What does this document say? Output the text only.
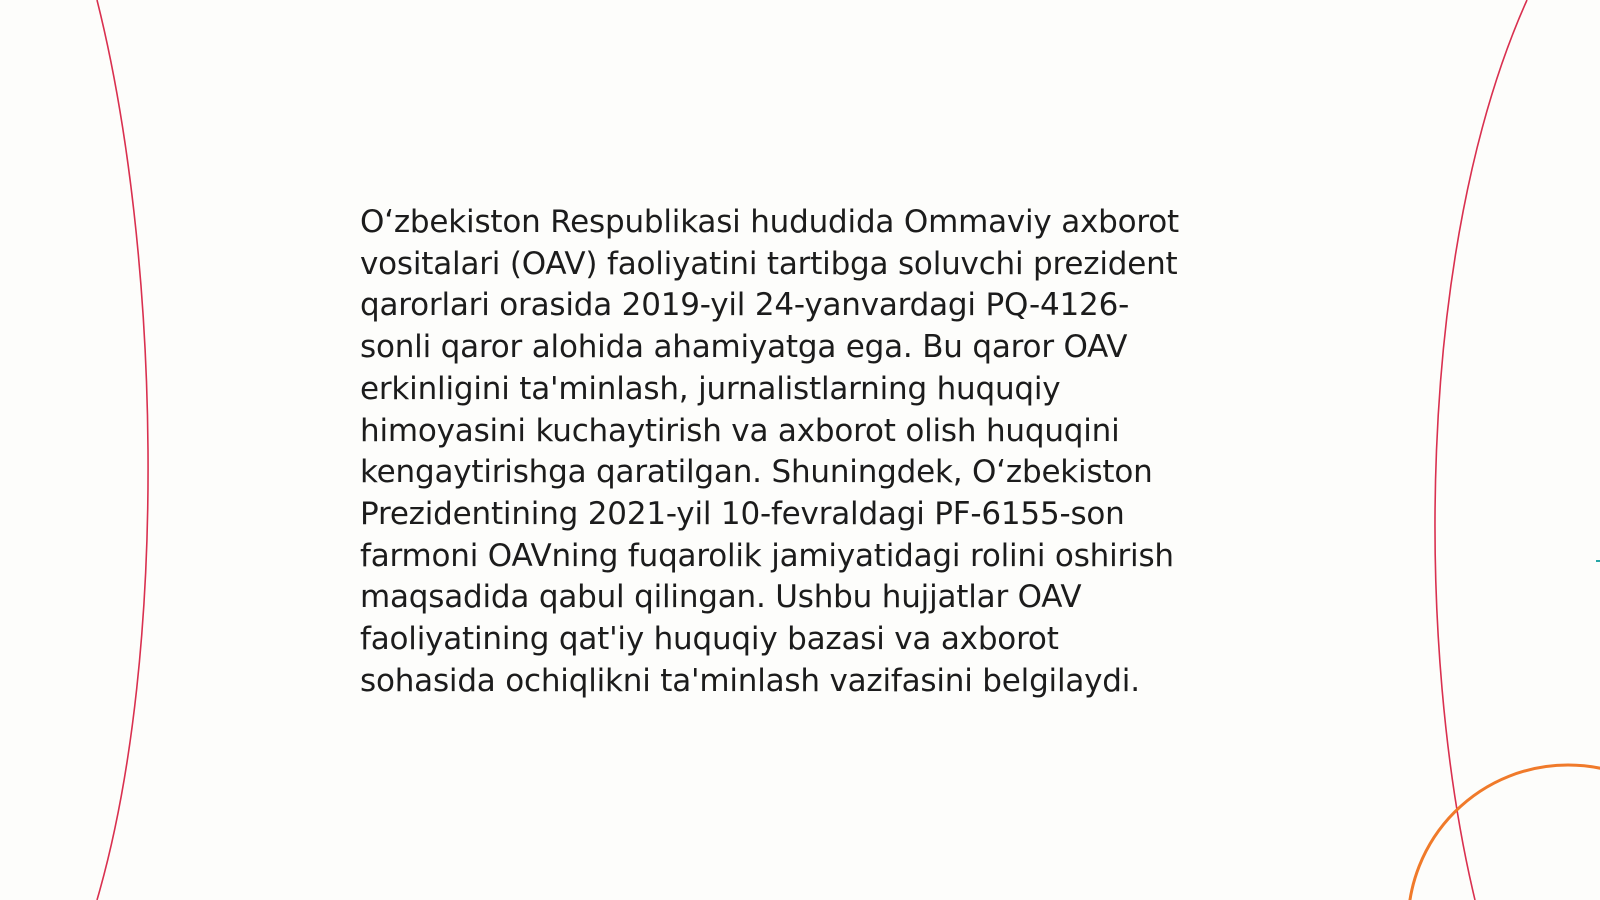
O‘zbekiston Respublikasi hududida Ommaviy axborot
vositalari (OAV) faoliyatini tartibga soluvchi prezident
qarorlari orasida 2019-yil 24-yanvardagi PQ-4126-
sonli qaror alohida ahamiyatga ega. Bu qaror OAV
erkinligini ta'minlash, jurnalistlarning huquqiy
himoyasini kuchaytirish va axborot olish huquqini
kengaytirishga qaratilgan. Shuningdek, O‘zbekiston
Prezidentining 2021-yil 10-fevraldagi PF-6155-son
farmoni OAVning fuqarolik jamiyatidagi rolini oshirish
maqsadida qabul qilingan. Ushbu hujjatlar OAV
faoliyatining qat'iy huquqiy bazasi va axborot
sohasida ochiqlikni ta'minlash vazifasini belgilaydi.
